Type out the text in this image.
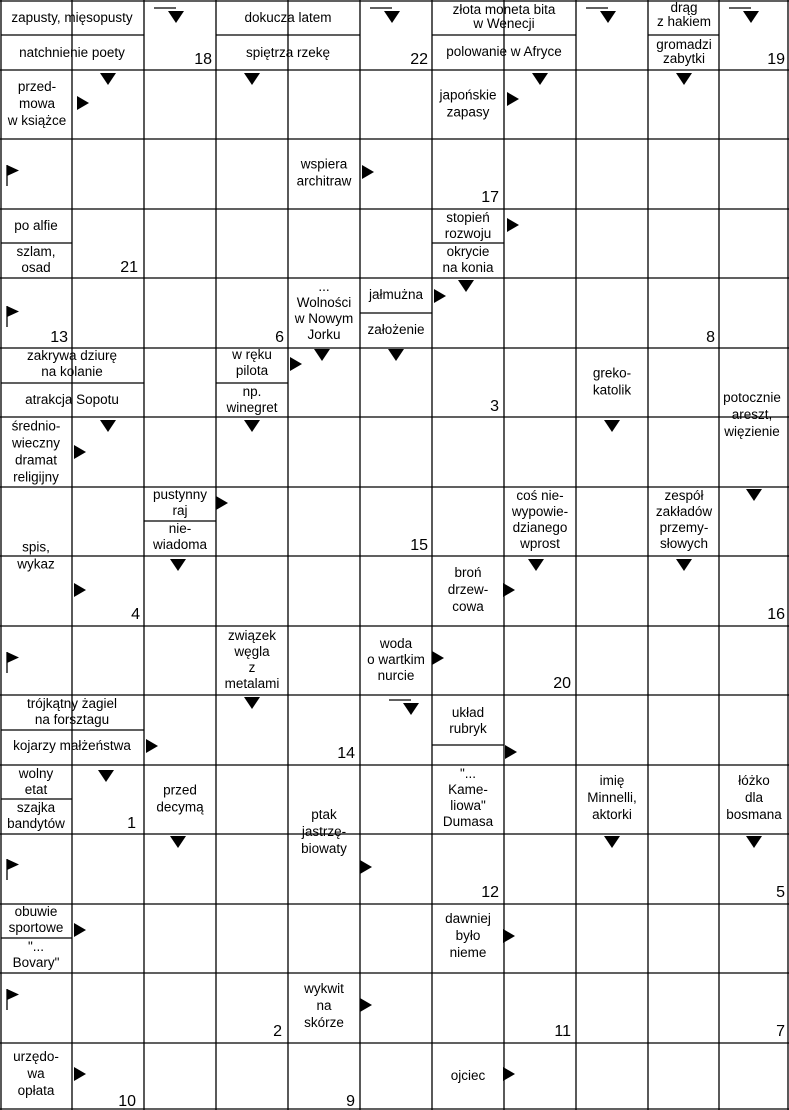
zapusty, mięsopusty
natchnienie poety
dokucza latem
spiętrza rzekę
złota moneta bita w Wenecji
polowanie w Afryce
drąg z hakiem
gromadzi zabytki
przed-mowa w książce
japońskie zapasy
wspiera architraw
po alfie
szlam, osad
stopień rozwoju
okrycie na konia
... Wolności w Nowym Jorku
jałmużna
założenie
zakrywa dziurę na kolanie
atrakcja Sopotu
w ręku pilota
np. winegret
greko-katolik	potocznie areszt, więzienie
średnio-wieczny dramat religijny
pustynny raj
nie-wiadoma
coś nie-wypowie-dzianego wprost
zespół zakładów przemy-słowych
spis, wykaz
broń drzew-cowa
związek węgla z metalami
woda o wartkim nurcie
trójkątny żagiel na forsztagu
kojarzy małżeństwa
układ rubryk
wolny etat
szajka bandytów
przed decymą
"... Kame-liowa" Dumasa
imię Minnelli, aktorki
łóżko dla bosmana
ptak jastrzę-biowaty
obuwie sportowe
"... Bovary"
dawniej było nieme
wykwit na skórze
urzędo-wa opłata
ojciec
18	22	19
17
21
13	6	8
3
15
4	16
20
14
1
12	5
2	11	7
10	9
